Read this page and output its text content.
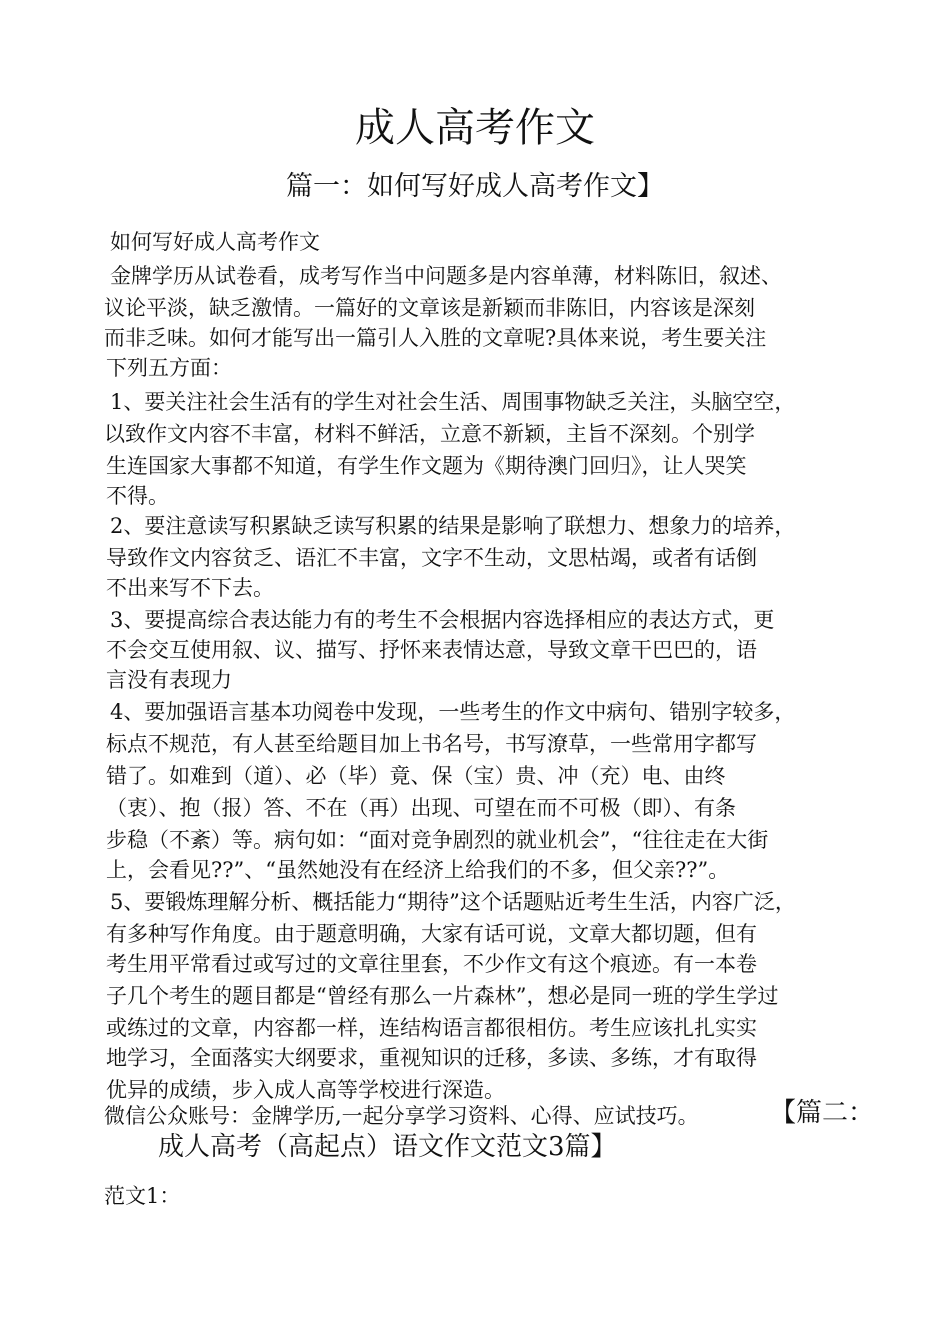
成人高考作文
篇一：如何写好成人高考作文】
如何写好成人高考作文
金牌学历从试卷看，成考写作当中问题多是内容单薄，材料陈旧，叙述、
议论平淡，缺乏激情。一篇好的文章该是新颖而非陈旧，内容该是深刻
而非乏味。如何才能写出一篇引人入胜的文章呢?具体来说，考生要关注
下列五方面：
1、要关注社会生活有的学生对社会生活、周围事物缺乏关注，头脑空空，
以致作文内容不丰富，材料不鲜活，立意不新颖，主旨不深刻。个别学
生连国家大事都不知道，有学生作文题为《期待澳门回归》，让人哭笑
不得。
2、要注意读写积累缺乏读写积累的结果是影响了联想力、想象力的培养，
导致作文内容贫乏、语汇不丰富，文字不生动，文思枯竭，或者有话倒
不出来写不下去。
3、要提高综合表达能力有的考生不会根据内容选择相应的表达方式，更
不会交互使用叙、议、描写、抒怀来表情达意，导致文章干巴巴的，语
言没有表现力
4、要加强语言基本功阅卷中发现，一些考生的作文中病句、错别字较多，
标点不规范，有人甚至给题目加上书名号，书写潦草，一些常用字都写
错了。如难到（道）、必（毕）竟、保（宝）贵、冲（充）电、由终
（衷）、抱（报）答、不在（再）出现、可望在而不可极（即）、有条
步稳（不紊）等。病句如：“面对竞争剧烈的就业机会”，“往往走在大街
上，会看见??”、“虽然她没有在经济上给我们的不多，但父亲??”。
5、要锻炼理解分析、概括能力“期待”这个话题贴近考生生活，内容广泛，
有多种写作角度。由于题意明确，大家有话可说，文章大都切题，但有
考生用平常看过或写过的文章往里套，不少作文有这个痕迹。有一本卷
子几个考生的题目都是“曾经有那么一片森林”，想必是同一班的学生学过
或练过的文章，内容都一样，连结构语言都很相仿。考生应该扎扎实实
地学习，全面落实大纲要求，重视知识的迁移，多读、多练，才有取得
优异的成绩，步入成人高等学校进行深造。
微信公众账号：金牌学历,一起分享学习资料、心得、应试技巧。	【篇二：
成人高考（高起点）语文作文范文3篇】
范文1：
